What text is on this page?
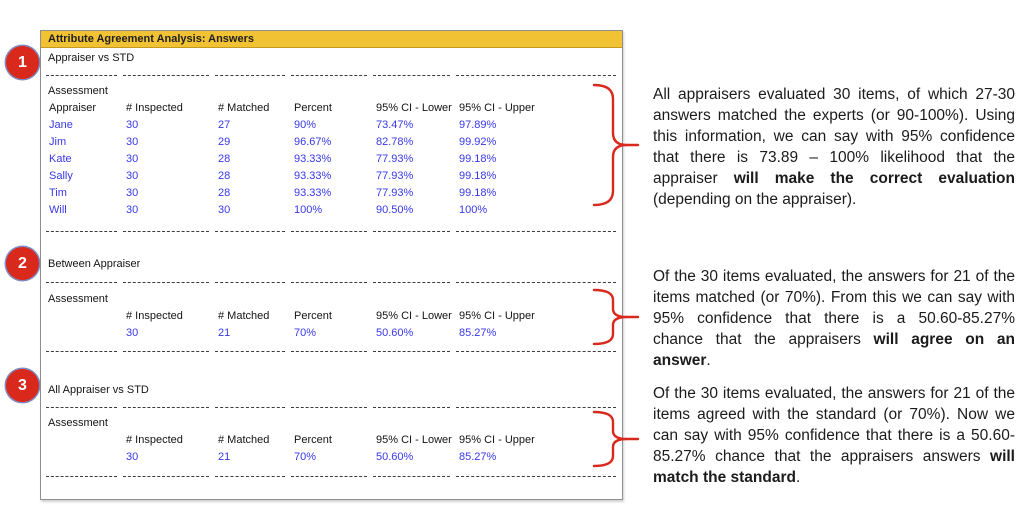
1
2
3
Attribute Agreement Analysis: Answers
Appraiser vs STD
Assessment
Appraiser	# Inspected	# Matched	Percent	95% CI - Lower 95% CI - Upper
Jane	30	27	90%	73.47%	97.89%
Jim	30	29	96.67%	82.78%	99.92%
Kate	30	28	93.33%	77.93%	99.18%
Sally	30	28	93.33%	77.93%	99.18%
Tim	30	28	93.33%	77.93%	99.18%
Will	30	30	100%	90.50%	100%
Between Appraiser
Assessment
# Inspected	# Matched	Percent	95% CI - Lower 95% CI - Upper
30	21	70%	50.60%	85.27%
All Appraiser vs STD
Assessment
# Inspected	# Matched	Percent	95% CI - Lower 95% CI - Upper
30	21	70%	50.60%	85.27%
All appraisers evaluated 30 items, of which 27-30 answers matched the experts (or 90-100%). Using this information, we can say with 95% confidence that there is 73.89 – 100% likelihood that the appraiser will make the correct evaluation (depending on the appraiser).
Of the 30 items evaluated, the answers for 21 of the items matched (or 70%). From this we can say with 95% confidence that there is a 50.60-85.27% chance that the appraisers will agree on an answer.
Of the 30 items evaluated, the answers for 21 of the items agreed with the standard (or 70%). Now we can say with 95% confidence that there is a 50.60-85.27% chance that the appraisers answers will match the standard.
